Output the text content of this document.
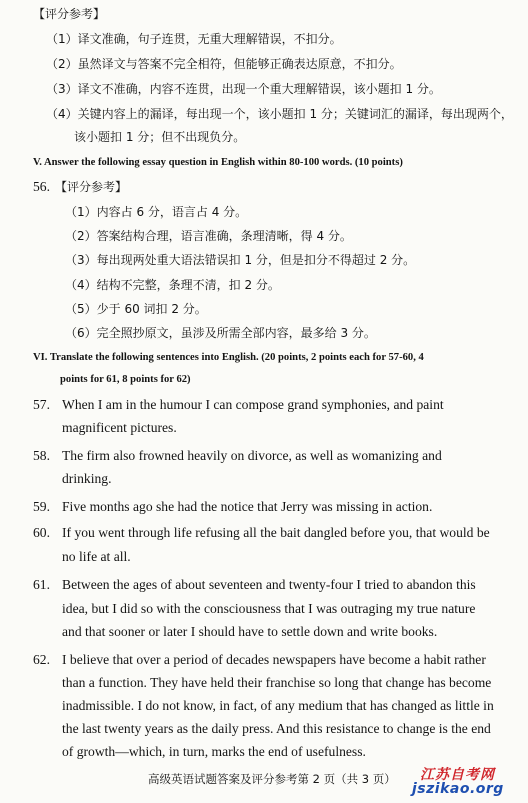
【评分参考】
（1）译文准确，句子连贯，无重大理解错误，不扣分。
（2）虽然译文与答案不完全相符，但能够正确表达原意，不扣分。
（3）译文不准确，内容不连贯，出现一个重大理解错误，该小题扣 1 分。
（4）关键内容上的漏译，每出现一个，该小题扣 1 分；关键词汇的漏译，每出现两个，
该小题扣 1 分；但不出现负分。
V. Answer the following essay question in English within 80-100 words. (10 points)
56. 【评分参考】
（1）内容占 6 分，语言占 4 分。
（2）答案结构合理，语言准确，条理清晰，得 4 分。
（3）每出现两处重大语法错误扣 1 分，但是扣分不得超过 2 分。
（4）结构不完整，条理不清，扣 2 分。
（5）少于 60 词扣 2 分。
（6）完全照抄原文，虽涉及所需全部内容，最多给 3 分。
VI. Translate the following sentences into English. (20 points, 2 points each for 57-60, 4
points for 61, 8 points for 62)
57. When I am in the humour I can compose grand symphonies, and paint
magnificent pictures.
58. The firm also frowned heavily on divorce, as well as womanizing and
drinking.
59. Five months ago she had the notice that Jerry was missing in action.
60. If you went through life refusing all the bait dangled before you, that would be
no life at all.
61. Between the ages of about seventeen and twenty-four I tried to abandon this
idea, but I did so with the consciousness that I was outraging my true nature
and that sooner or later I should have to settle down and write books.
62. I believe that over a period of decades newspapers have become a habit rather
than a function. They have held their franchise so long that change has become
inadmissible. I do not know, in fact, of any medium that has changed as little in
the last twenty years as the daily press. And this resistance to change is the end
of growth—which, in turn, marks the end of usefulness.
高级英语试题答案及评分参考第 2 页（共 3 页） 江苏自考网
jszikao.org
